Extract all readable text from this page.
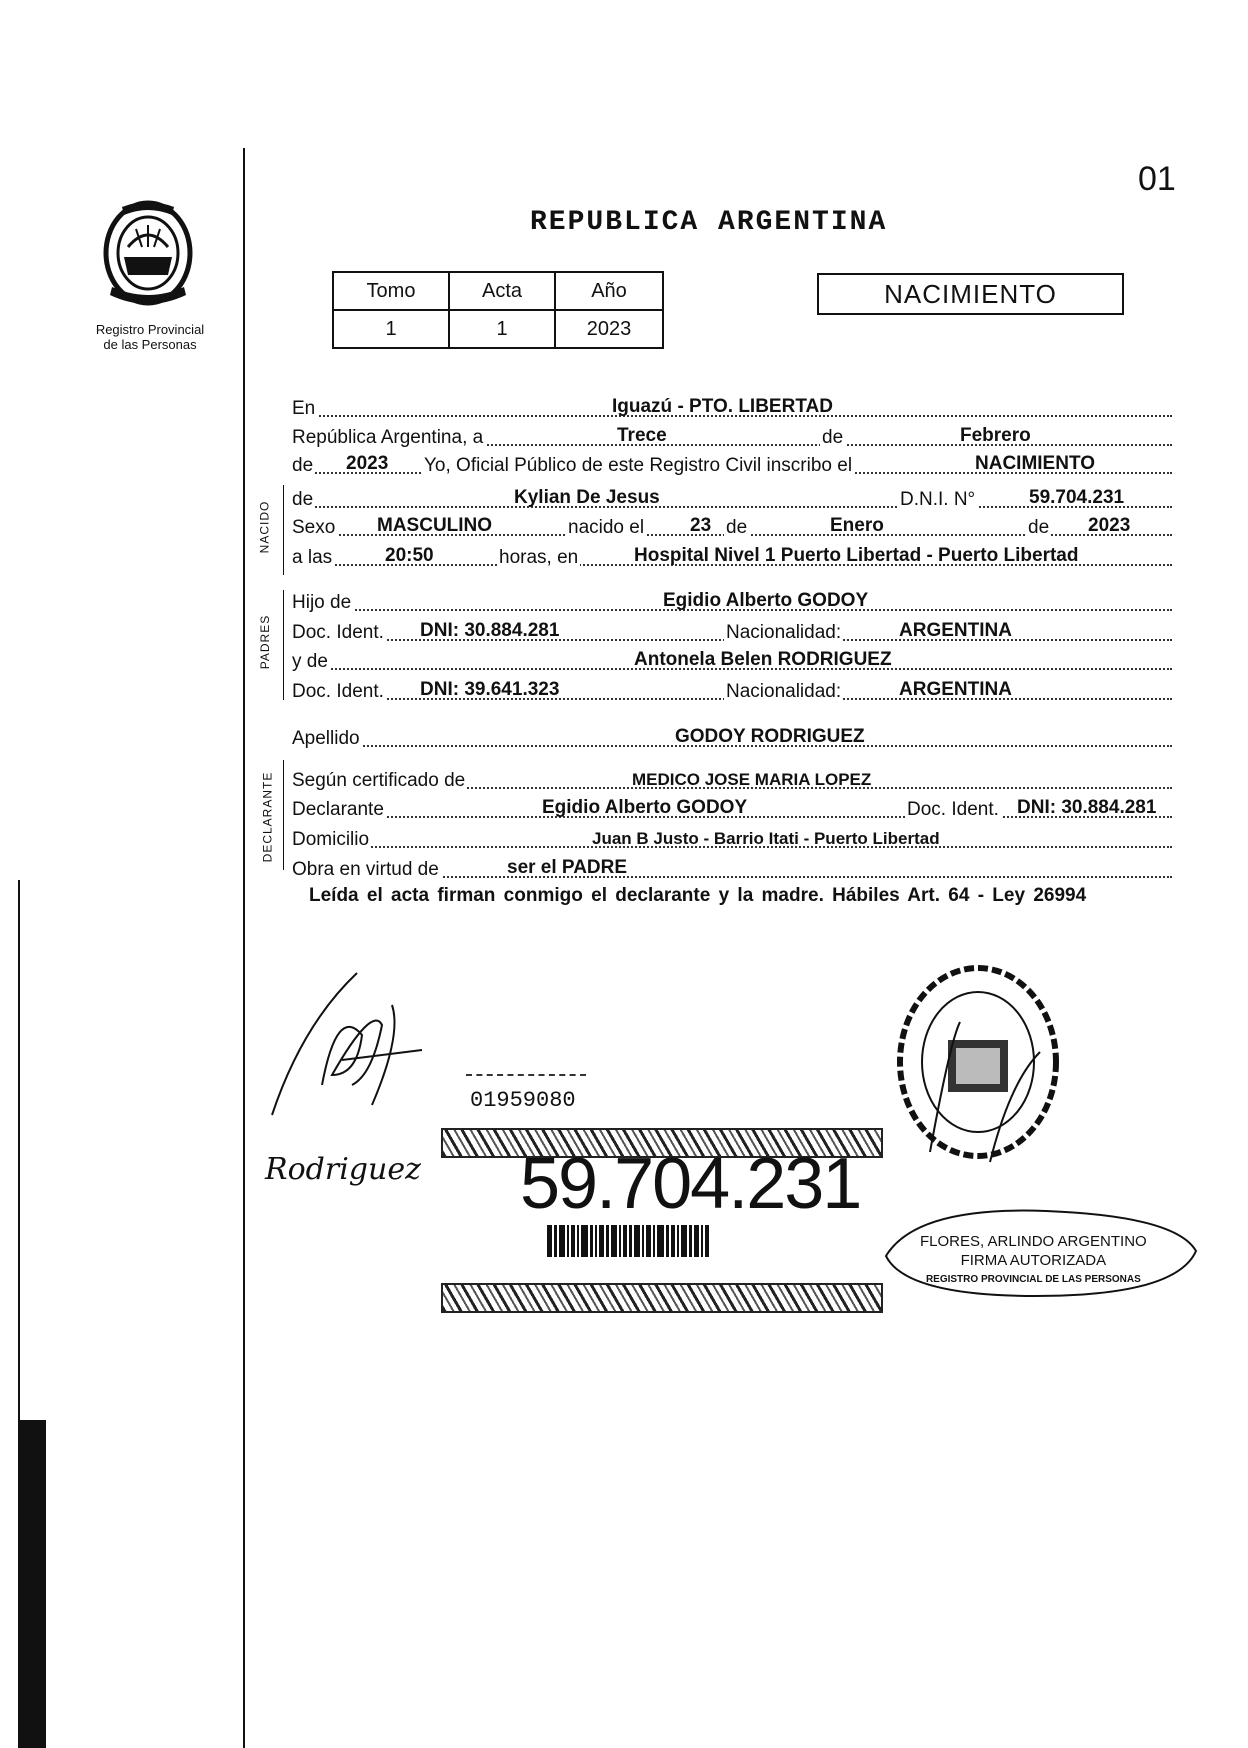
01
REPUBLICA ARGENTINA
Registro Provincial
de las Personas
Tomo	Acta	Año
1	1	2023
NACIMIENTO
NACIDO
PADRES
DECLARANTE
En	Iguazú - PTO. LIBERTAD
República Argentina, a	Trece	de	Febrero
de 2023 Yo, Oficial Público de este Registro Civil inscribo el	NACIMIENTO
de	Kylian De Jesus	D.N.I. N°	59.704.231
Sexo MASCULINO	nacido el 23 de	Enero	de 2023
a las	20:50	horas, en	Hospital Nivel 1 Puerto Libertad - Puerto Libertad
Hijo de	Egidio Alberto GODOY
Doc. Ident. DNI: 30.884.281	Nacionalidad:	ARGENTINA
y de	Antonela Belen RODRIGUEZ
Doc. Ident. DNI: 39.641.323	Nacionalidad:	ARGENTINA
Apellido	GODOY RODRIGUEZ
Según certificado de	MEDICO JOSE MARIA LOPEZ
Declarante	Egidio Alberto GODOY	Doc. Ident. DNI: 30.884.281
Domicilio	Juan B Justo - Barrio Itati - Puerto Libertad
Obra en virtud de	ser el PADRE
Leída el acta firman conmigo el declarante y la madre. Hábiles Art. 64 - Ley 26994
Rodriguez
01959080
59.704.231
FLORES, ARLINDO ARGENTINO
FIRMA AUTORIZADA
REGISTRO PROVINCIAL DE LAS PERSONAS
